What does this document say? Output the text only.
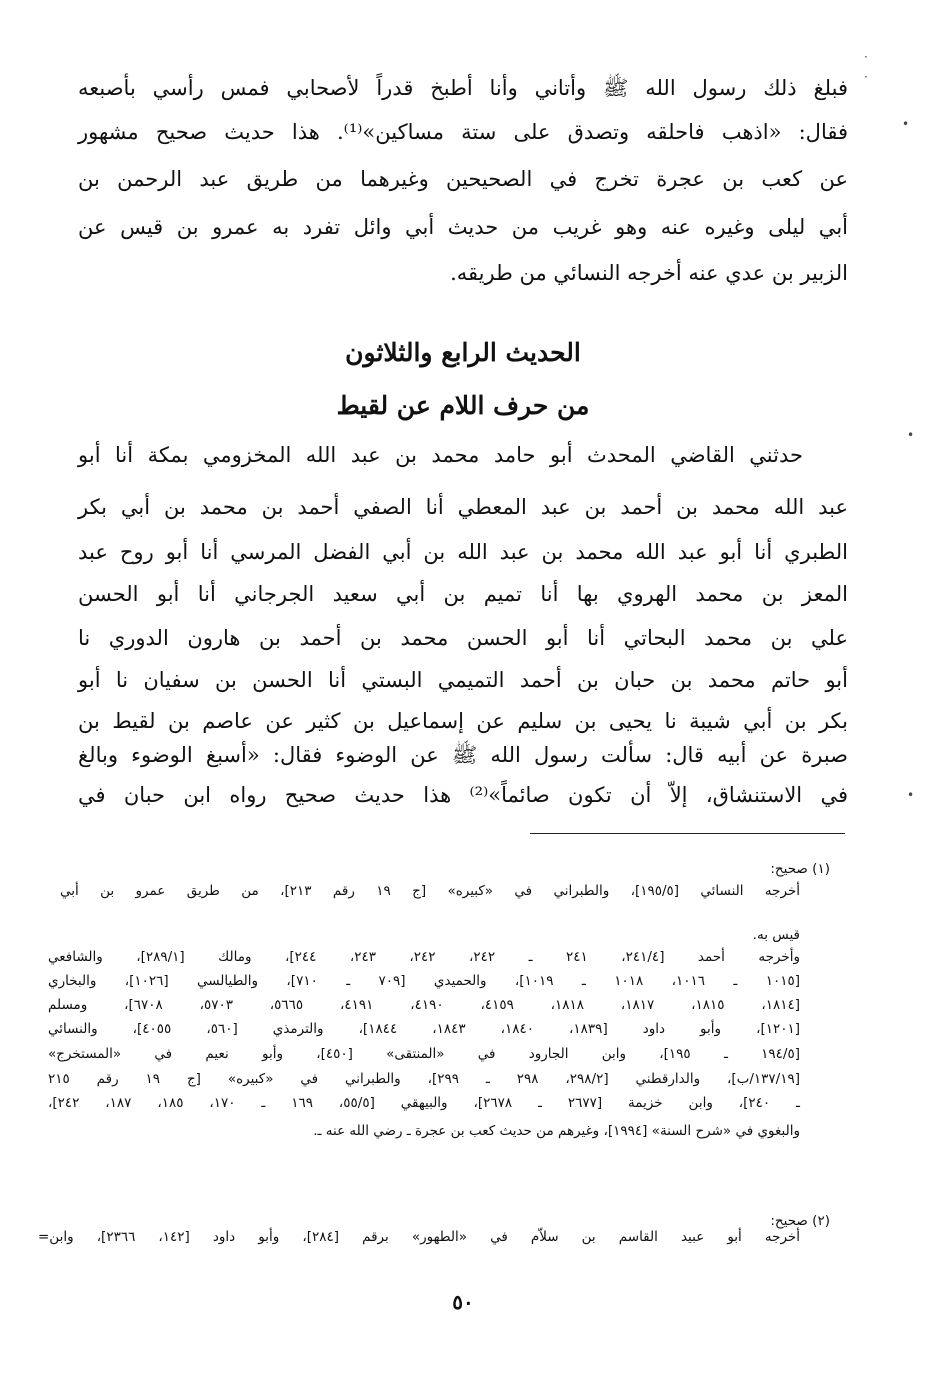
فبلغ ذلك رسول الله ﷺ وأتاني وأنا أطبخ قدراً لأصحابي فمس رأسي بأصبعه
فقال: «اذهب فاحلقه وتصدق على ستة مساكين»⁽¹⁾. هذا حديث صحيح مشهور
عن كعب بن عجرة تخرج في الصحيحين وغيرهما من طريق عبد الرحمن بن
أبي ليلى وغيره عنه وهو غريب من حديث أبي وائل تفرد به عمرو بن قيس عن
الزبير بن عدي عنه أخرجه النسائي من طريقه.
الحديث الرابع والثلاثون
من حرف اللام عن لقيط
حدثني القاضي المحدث أبو حامد محمد بن عبد الله المخزومي بمكة أنا أبو
عبد الله محمد بن أحمد بن عبد المعطي أنا الصفي أحمد بن محمد بن أبي بكر
الطبري أنا أبو عبد الله محمد بن عبد الله بن أبي الفضل المرسي أنا أبو روح عبد
المعز بن محمد الهروي بها أنا تميم بن أبي سعيد الجرجاني أنا أبو الحسن
علي بن محمد البحاتي أنا أبو الحسن محمد بن أحمد بن هارون الدوري نا
أبو حاتم محمد بن حبان بن أحمد التميمي البستي أنا الحسن بن سفيان نا أبو
بكر بن أبي شيبة نا يحيى بن سليم عن إسماعيل بن كثير عن عاصم بن لقيط بن
صبرة عن أبيه قال: سألت رسول الله ﷺ عن الوضوء فقال: «أسبغ الوضوء وبالغ
في الاستنشاق، إلاّ أن تكون صائماً»⁽²⁾ هذا حديث صحيح رواه ابن حبان في
(١) صحيح:
أخرجه النسائي [١٩٥/٥]، والطبراني في «كبيره» [ج ١٩ رقم ٢١٣]، من طريق عمرو بن أبي
قيس به.
وأخرجه أحمد [٢٤١/٤، ٢٤١ ـ ٢٤٢، ٢٤٢، ٢٤٣، ٢٤٤]، ومالك [٢٨٩/١]، والشافعي
[١٠١٥ ـ ١٠١٦، ١٠١٨ ـ ١٠١٩]، والحميدي [٧٠٩ ـ ٧١٠]، والطيالسي [١٠٢٦]، والبخاري
[١٨١٤، ١٨١٥، ١٨١٧، ١٨١٨، ٤١٥٩، ٤١٩٠، ٤١٩١، ٥٦٦٥، ٥٧٠٣، ٦٧٠٨]، ومسلم
[١٢٠١]، وأبو داود [١٨٣٩، ١٨٤٠، ١٨٤٣، ١٨٤٤]، والترمذي [٥٦٠، ٤٠٥٥]، والنسائي
[١٩٤/٥ ـ ١٩٥]، وابن الجارود في «المنتقى» [٤٥٠]، وأبو نعيم في «المستخرج»
[١٣٧/١٩/ب]، والدارقطني [٢٩٨/٢، ٢٩٨ ـ ٢٩٩]، والطبراني في «كبيره» [ج ١٩ رقم ٢١٥
ـ ٢٤٠]، وابن خزيمة [٢٦٧٧ ـ ٢٦٧٨]، والبيهقي [٥٥/٥، ١٦٩ ـ ١٧٠، ١٨٥، ١٨٧، ٢٤٢]،
والبغوي في «شرح السنة» [١٩٩٤]، وغيرهم من حديث كعب بن عجرة ـ رضي الله عنه ـ.
(٢) صحيح:
أخرجه أبو عبيد القاسم بن سلاّم في «الطهور» برقم [٢٨٤]، وأبو داود [١٤٢، ٢٣٦٦]، وابن=
٥٠
·
·
•
•
•
